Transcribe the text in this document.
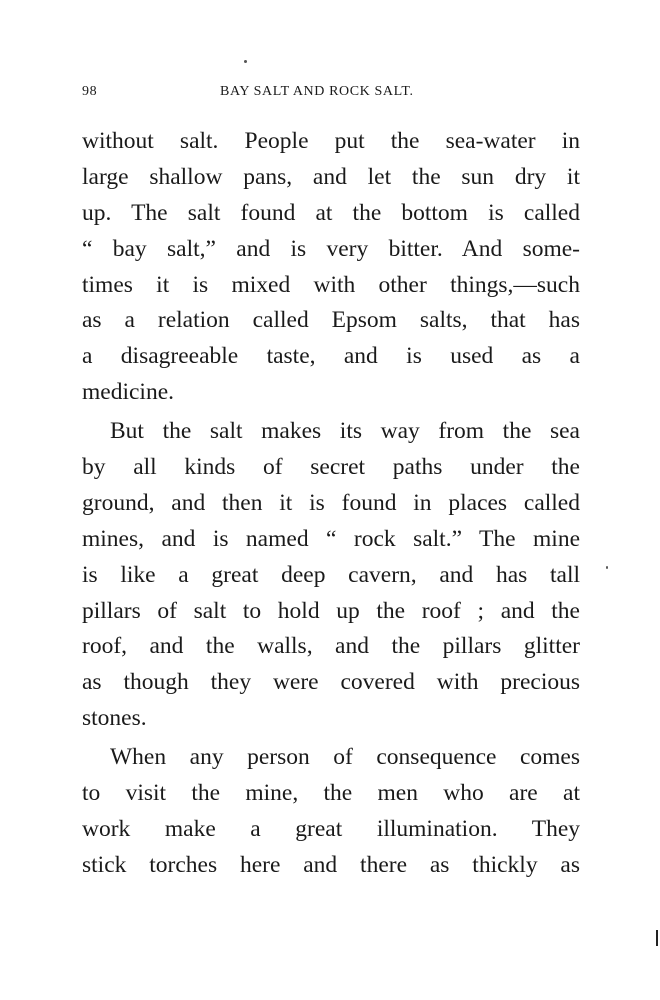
98	BAY SALT AND ROCK SALT.
without salt. People put the sea-water in
large shallow pans, and let the sun dry it
up. The salt found at the bottom is called
“ bay salt,” and is very bitter. And some-
times it is mixed with other things,—such
as a relation called Epsom salts, that has
a disagreeable taste, and is used as a
medicine.
But the salt makes its way from the sea
by all kinds of secret paths under the
ground, and then it is found in places called
mines, and is named “ rock salt.” The mine
is like a great deep cavern, and has tall
pillars of salt to hold up the roof ; and the
roof, and the walls, and the pillars glitter
as though they were covered with precious
stones.
When any person of consequence comes
to visit the mine, the men who are at
work make a great illumination. They
stick torches here and there as thickly as
